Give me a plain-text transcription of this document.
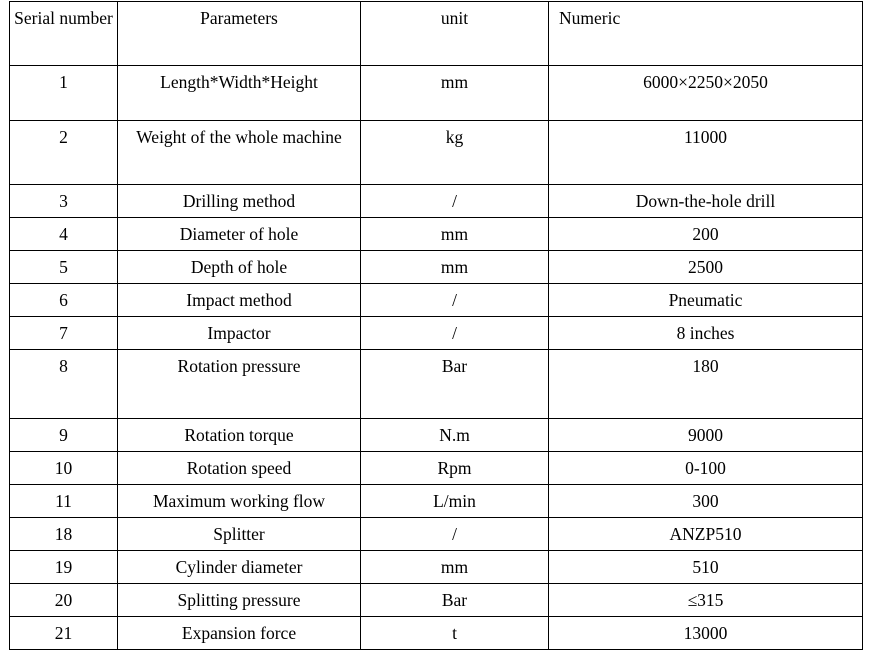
Serial number	Parameters	unit	Numeric
1	Length*Width*Height	mm	6000×2250×2050
2	Weight of the whole machine	kg	11000
3	Drilling method	/	Down-the-hole drill
4	Diameter of hole	mm	200
5	Depth of hole	mm	2500
6	Impact method	/	Pneumatic
7	Impactor	/	8 inches
8	Rotation pressure	Bar	180
9	Rotation torque	N.m	9000
10	Rotation speed	Rpm	0-100
11	Maximum working flow	L/min	300
18	Splitter	/	ANZP510
19	Cylinder diameter	mm	510
20	Splitting pressure	Bar	≤315
21	Expansion force	t	13000
